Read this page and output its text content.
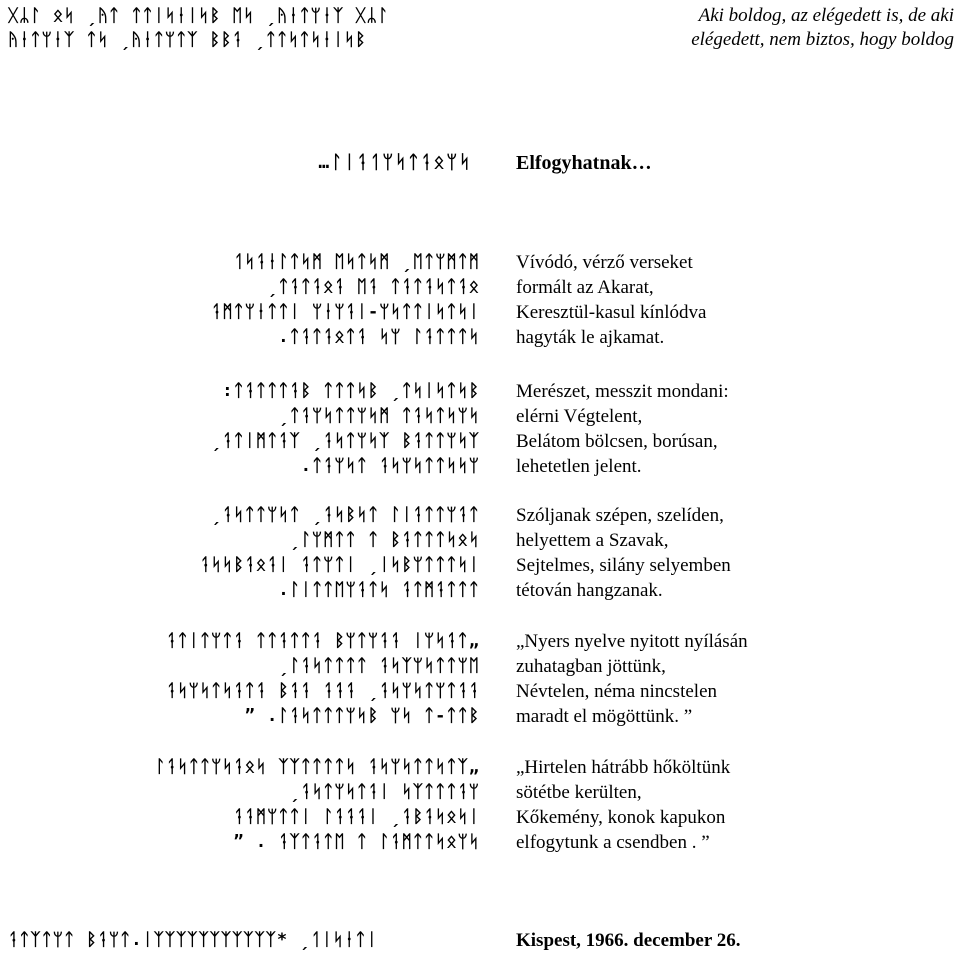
ᚷᛦᛚ ᛟᛋ ˏᚤᛏ ᛏᛏᛁᛋᛂᛁᛋᛒ ᛖᛋ ˏᚤᛂᛏᛘᛂᛉ ᚷᛦᛚ
ᚤᛂᛏᛘᛂᛉ ᛏᛋ ˏᚤᛂᛏᛘᛏᛉ ᛒᛒᛑ ˏᛏᛏᛋᛏᛋᛂᛁᛋᛒ
Aki boldog, az elégedett is, de aki
elégedett, nem biztos, hogy boldog
…ᛚᛁᛑᛐᛘᛋᛏᛑᛟᛘᛋ Elfogyhatnak…
ᛐᛋᛑᛂᛚᛏᛋᛗ ᛖᛋᛏᛋᛗ ˏᛖᛏᛘᛗᛏᛗ
ˏᛏᛑᛏᛑᛟᛑ ᛖᛑ ᛏᛑᛏᛑᛋᛏᛑᛟ
ᛑᛗᛏᛘᛂᛏᛏᛁ ᛘᛂᛘᛑᛁ-ᛘᛋᛏᛏᛁᛋᛏᛋᛁ
.ᛏᛑᛏᛑᛟᛏᛑ ᛋᛘ ᛚᛑᛏᛏᛏᛋ
Vívódó, vérző verseket
formált az Akarat,
Keresztül-kasul kínlódva
hagyták le ajkamat.
:ᛏᛑᛏᛏᛏᛑᛒ ᛏᛏᛏᛋᛒ ˏᛏᛋᛁᛋᛏᛋᛒ
ˏᛏᛑᛘᛋᛏᛏᛘᛋᛗ ᛏᛑᛋᛏᛋᛘᛋ
ˏᛑᛏᛁᛗᛏᛑᛉ ˏᛑᛋᛏᛘᛋᛉ ᛒᛑᛏᛏᛘᛋᛉ
.ᛏᛑᛘᛋᛏ ᛑᛋᛘᛋᛏᛏᛋᛋᛘ
Merészet, messzit mondani:
elérni Végtelent,
Belátom bölcsen, borúsan,
lehetetlen jelent.
ˏᛑᛋᛏᛏᛘᛋᛏ ˏᛑᛋᛒᛋᛏ ᛚᛁᛑᛏᛏᛘᛑᛏ
ˏᛚᛘᛗᛏᛏ ᛏ ᛒᛑᛏᛏᛏᛋᛟᛋ
ᛑᛋᛋᛒᛑᛟᛑᛁ ᛑᛏᛘᛏᛁ ˏᛁᛋᛒᛘᛏᛏᛏᛋᛁ
.ᛚᛁᛏᛏᛖᛘᛑᛏᛋ ᛑᛏᛗᛑᛏᛏᛏ
Szóljanak szépen, szelíden,
helyettem a Szavak,
Sejtelmes, silány selyemben
tétován hangzanak.
ᛑᛏᛁᛏᛘᛏᛑ ᛏᛏᛑᛏᛏᛑ ᛒᛘᛏᛘᛑᛑ ᛁᛘᛋᛑᛏ„
ˏᛚᛑᛋᛏᛏᛏᛏ ᛑᛋᛉᛘᛋᛏᛏᛘᛖ
ᛑᛋᛘᛋᛏᛋᛑᛏᛑ ᛒᛑᛑ ᛑᛑᛑ ˏᛑᛋᛘᛋᛏᛘᛏᛑᛑ
” .ᛚᛑᛋᛏᛏᛏᛘᛋᛒ ᛘᛋ ᛏ-ᛏᛏᛒ
„Nyers nyelve nyitott nyílásán
zuhatagban jöttünk,
Névtelen, néma nincstelen
maradt el mögöttünk. ”
ᛚᛑᛋᛏᛏᛘᛋᛑᛟᛋ ᛉᛉᛏᛏᛏᛏᛋ ᛑᛋᛘᛋᛏᛏᛋᛏᛉ„
ˏᛑᛋᛏᛘᛋᛏᛑᛁ ᛋᛉᛏᛏᛏᛑᛘ
ᛑᛑᛗᛘᛏᛏᛁ ᛚᛑᛑᛑᛁ ˏᛑᛒᛑᛋᛟᛋᛁ
” . ᛑᛉᛏᛑᛏᛖ ᛏ ᛚᛑᛗᛏᛏᛋᛟᛘᛋ
„Hirtelen hátrább hőköltünk
sötétbe kerülten,
Kőkemény, konok kapukon
elfogytunk a csendben . ”
ᛑᛏᛉᛏᛘᛏ ᛒᛑᛘᛏ.ᛁᛉᛉᛉᛉᛉᛉᛉᛉᛉᛉᛉ* ˏᛐᛁᛋᛂᛏᛁ	Kispest, 1966. december 26.
